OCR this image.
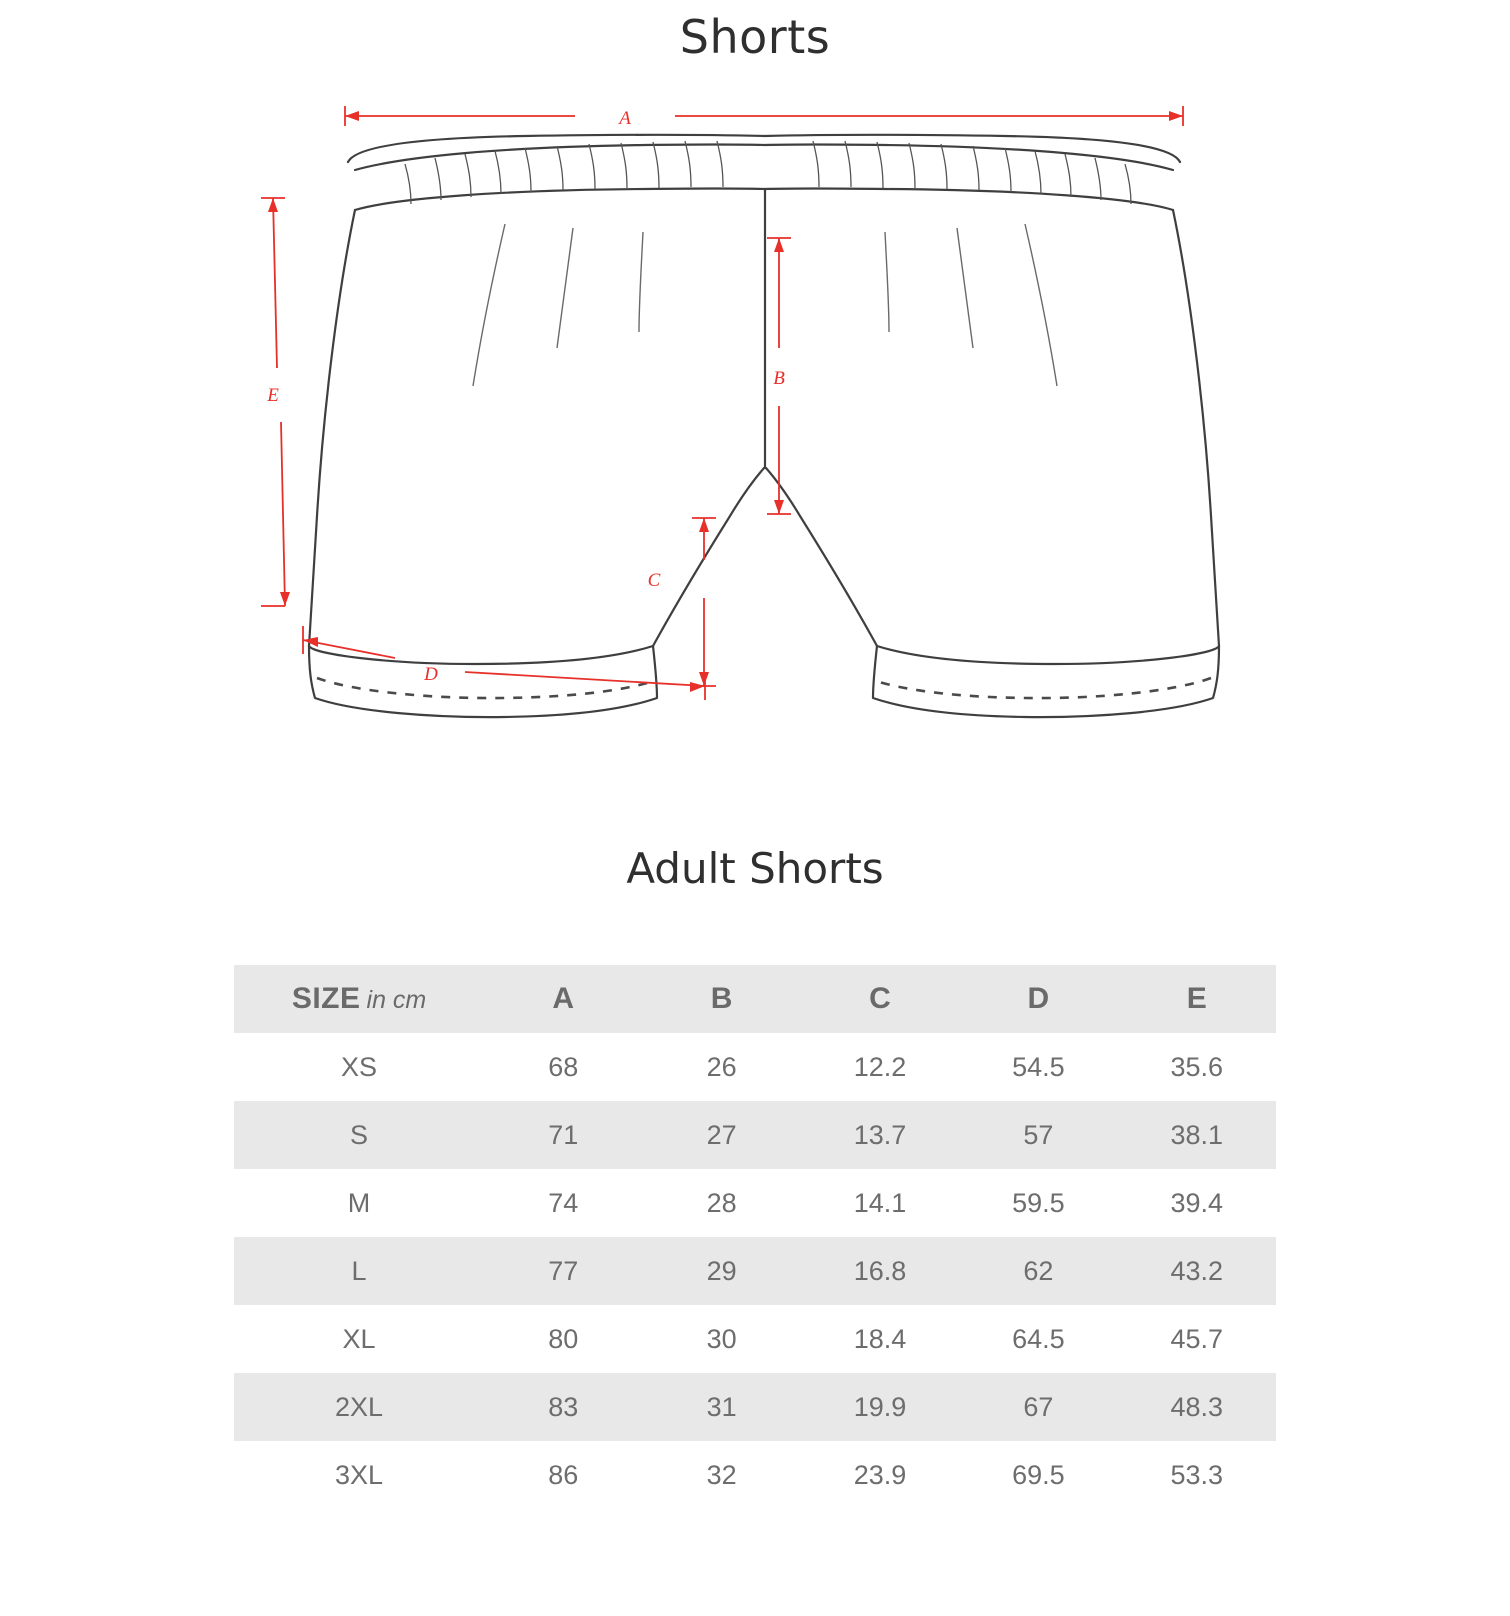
Shorts
A
B
C
D
E
Adult Shorts
SIZE in cm	A	B	C	D	E
XS	68	26	12.2	54.5	35.6
S	71	27	13.7	57	38.1
M	74	28	14.1	59.5	39.4
L	77	29	16.8	62	43.2
XL	80	30	18.4	64.5	45.7
2XL	83	31	19.9	67	48.3
3XL	86	32	23.9	69.5	53.3
